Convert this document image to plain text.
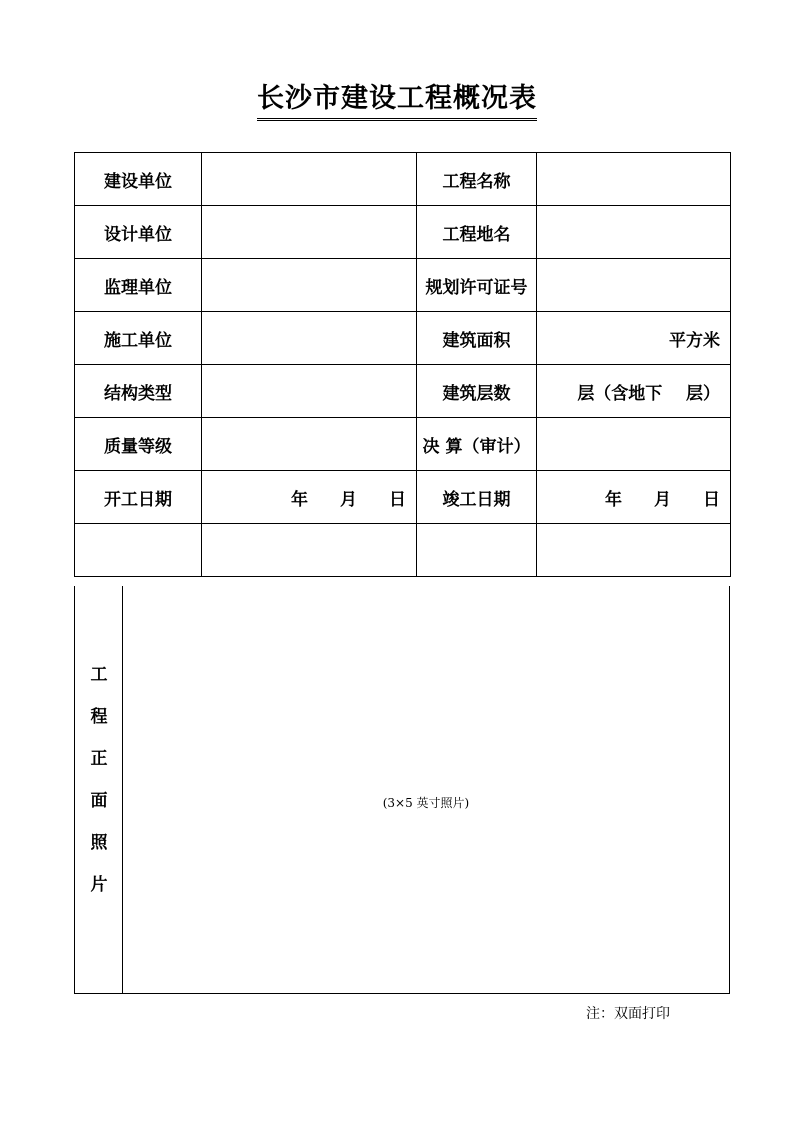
长沙市建设工程概况表
建设单位		工程名称	
设计单位		工程地名	
监理单位		规划许可证号	
施工单位		建筑面积	平方米
结构类型		建筑层数	层（含地下    层）
质量等级		决 算（审计）	
开工日期	年 月 日	竣工日期	年 月 日

工
程
正
面
照
片
(3×5 英寸照片)
注：双面打印
